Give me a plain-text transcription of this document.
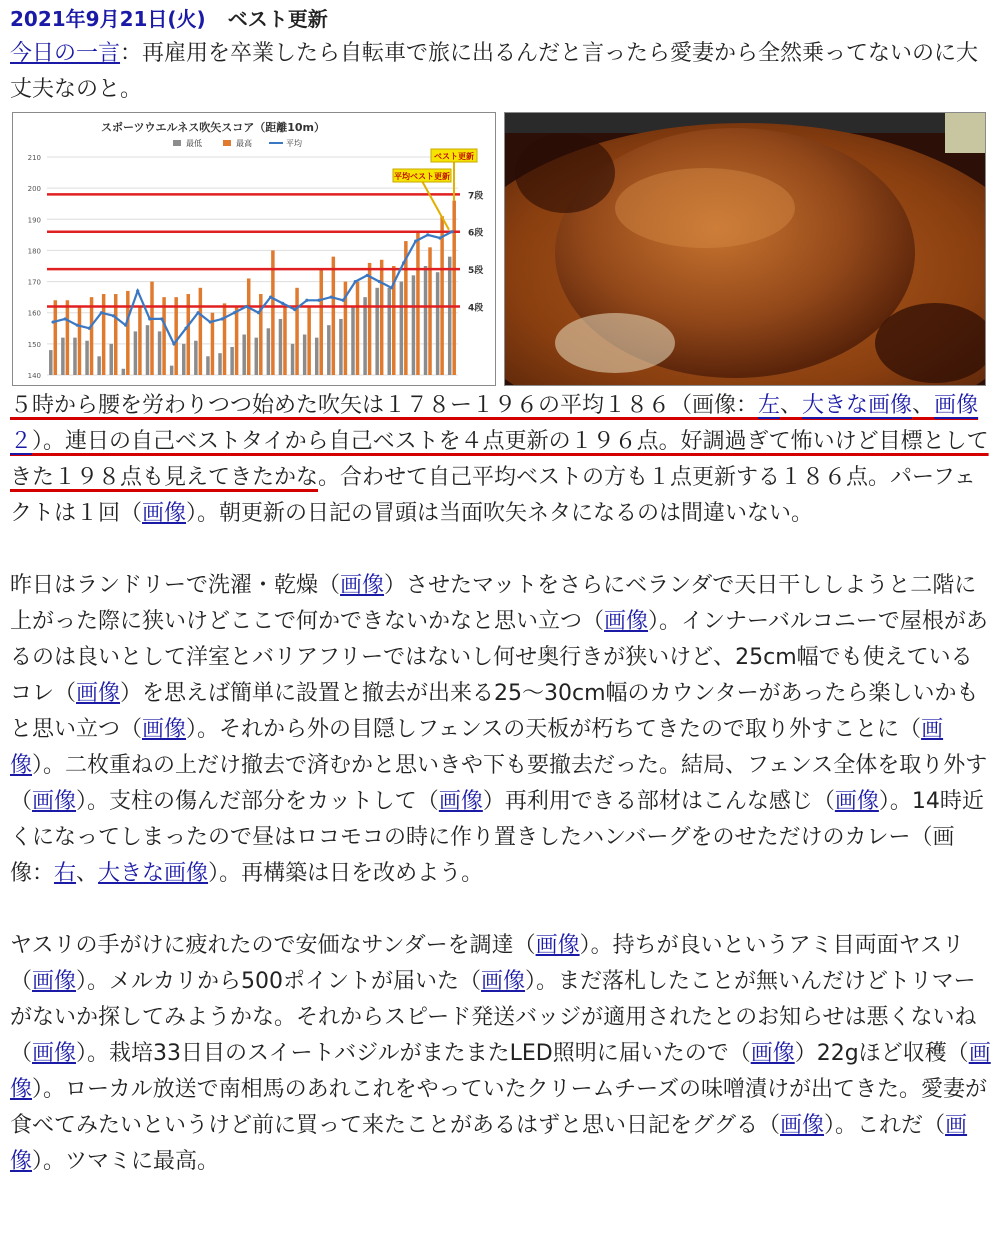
2021年9月21日(火) ベスト更新

今日の一言：再雇用を卒業したら自転車で旅に出るんだと言ったら愛妻から全然乗ってないのに大丈夫なのと。

スポーツウエルネス吹矢スコア（距離10m）
最低	最高	平均
140
150
160
170
180
190
200
210
4段
5段
6段
7段
平均ベスト更新
ベスト更新

５時から腰を労わりつつ始めた吹矢は１７８ー１９６の平均１８６（画像：左、大きな画像、画像２）。連日の自己ベストタイから自己ベストを４点更新の１９６点。好調過ぎて怖いけど目標としてきた１９８点も見えてきたかな。合わせて自己平均ベストの方も１点更新する１８６点。パーフェクトは１回（画像）。朝更新の日記の冒頭は当面吹矢ネタになるのは間違いない。

昨日はランドリーで洗濯・乾燥（画像）させたマットをさらにベランダで天日干ししようと二階に上がった際に狭いけどここで何かできないかなと思い立つ（画像）。インナーバルコニーで屋根があるのは良いとして洋室とバリアフリーではないし何せ奥行きが狭いけど、25cm幅でも使えているコレ（画像）を思えば簡単に設置と撤去が出来る25〜30cm幅のカウンターがあったら楽しいかもと思い立つ（画像）。それから外の目隠しフェンスの天板が朽ちてきたので取り外すことに（画像）。二枚重ねの上だけ撤去で済むかと思いきや下も要撤去だった。結局、フェンス全体を取り外す（画像）。支柱の傷んだ部分をカットして（画像）再利用できる部材はこんな感じ（画像）。14時近くになってしまったので昼はロコモコの時に作り置きしたハンバーグをのせただけのカレー（画像：右、大きな画像）。再構築は日を改めよう。

ヤスリの手がけに疲れたので安価なサンダーを調達（画像）。持ちが良いというアミ目両面ヤスリ（画像）。メルカリから500ポイントが届いた（画像）。まだ落札したことが無いんだけどトリマーがないか探してみようかな。それからスピード発送バッジが適用されたとのお知らせは悪くないね（画像）。栽培33日目のスイートバジルがまたまたLED照明に届いたので（画像）22gほど収穫（画像）。ローカル放送で南相馬のあれこれをやっていたクリームチーズの味噌漬けが出てきた。愛妻が食べてみたいというけど前に買って来たことがあるはずと思い日記をググる（画像）。これだ（画像）。ツマミに最高。
